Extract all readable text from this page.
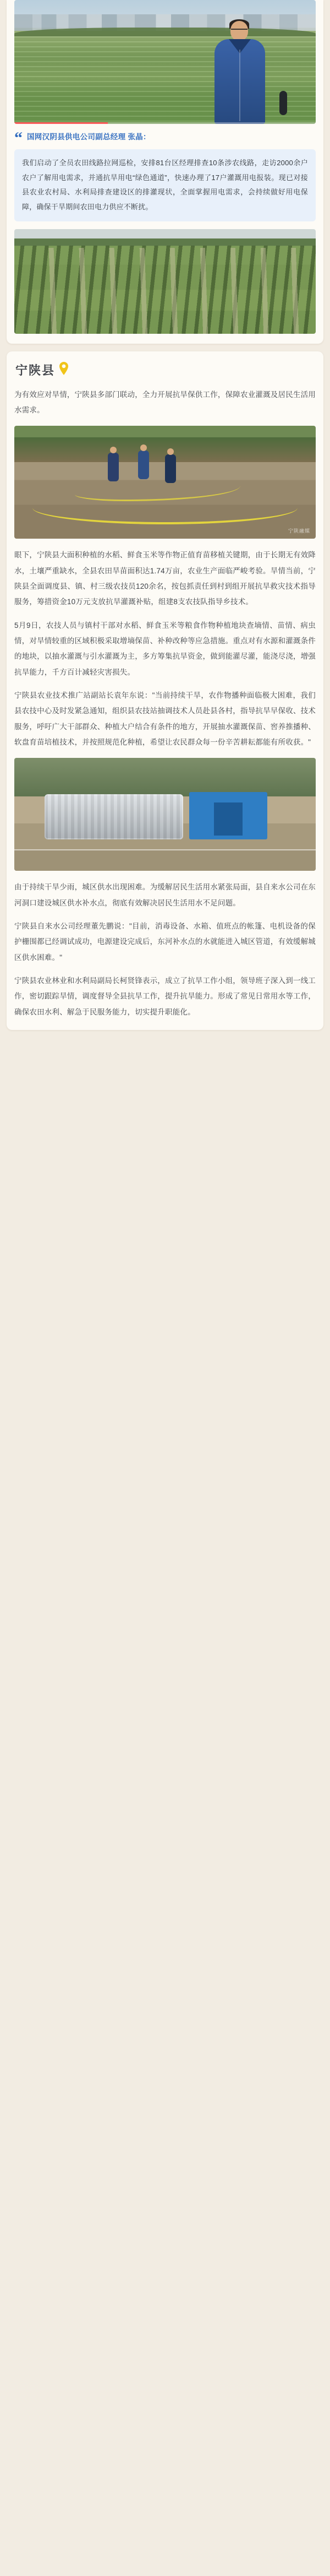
“ 国网汉阴县供电公司副总经理 张晶：
我们启动了全员农田线路拉网巡检，安排81台区经理排查10条涉农线路，走访2000余户农户了解用电需求，并通抗旱用电“绿色通道”，快速办理了17户灌溉用电报装。现已对接县农业农村局、水利局排查建设区的排灌现状，全面掌握用电需求，会持续做好用电保障，确保干旱期间农田电力供应不断扰。
宁陕县

为有效应对旱情，宁陕县多部门联动，全力开展抗旱保供工作，保障农业灌溉及居民生活用水需求。

宁陕融媒

眼下，宁陕县大面积种植的水稻、鲜食玉米等作物正值育苗移植关键期，由于长期无有效降水，土壤严重缺水，全县农田旱苗面积达1.74万亩，农业生产面临严峻考验。旱情当前，宁陕县全面调度县、镇、村三级农技员120余名，按包抓责任到村到组开展抗旱救灾技术指导服务，筹措资金10万元支放抗旱灌溉补贴，组建8支农技队指导乡技术。

5月9日，农技人员与镇村干部对水稻、鲜食玉米等粮食作物种植地块查墒情、苗情、病虫情，对旱情较重的区域积极采取增墒保苗、补种改种等应急措施。重点对有水源和灌溉条件的地块，以抽水灌溉与引水灌溉为主，多方筹集抗旱资金，做到能灌尽灌，能浇尽浇，增强抗旱能力，千方百计减轻灾害损失。

宁陕县农业技术推广站副站长袁年东说："当前持续干旱，农作物播种面临极大困难，我们县农技中心及时发紧急通知，组织县农技站抽调技术人员赴县各村，指导抗旱早保收、技术服务，呼吁广大干部群众、种植大户结合有条件的地方，开展抽水灌溉保苗、窖养推播种、软盘育苗培植技术，并按照规范化种植，希望让农民群众每一份辛苦耕耘都能有所收获。"

由于持续干旱少雨，城区供水出现困难。为缓解居民生活用水紧张局面，县自来水公司在东河洞口建设城区供水补水点，彻底有效解决居民生活用水不足问题。

宁陕县自来水公司经理董先鹏说："目前，消毒设备、水箱、值班点的帐篷、电机设备的保护栅围都已经调试成功，电源建设完成后，东河补水点的水就能进入城区管道，有效缓解城区供水困难。"

宁陕县农业林业和水利局副局长柯贤锋表示，成立了抗旱工作小组，领导班子深入到一线工作，密切跟踪旱情，调度督导全县抗旱工作，提升抗旱能力。形成了常见日常用水等工作，确保农田水利、解急于民服务能力，切实提升职能化。
